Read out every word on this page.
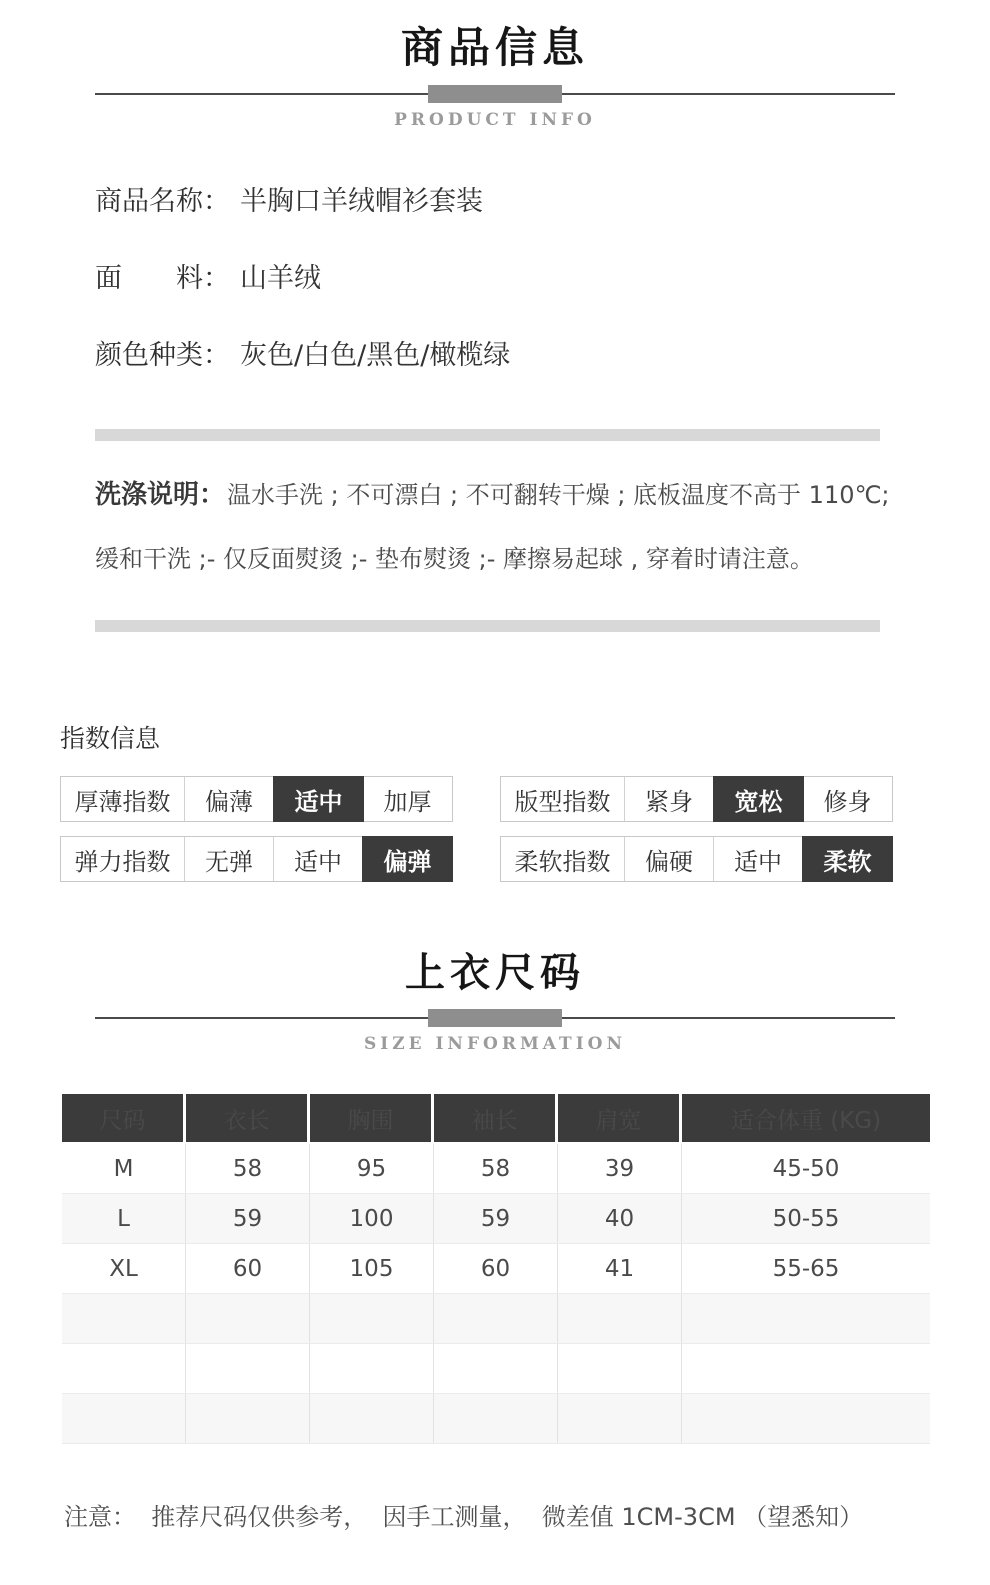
商品信息
PRODUCT INFO
商品名称： 半胸口羊绒帽衫套装
面　　料： 山羊绒
颜色种类： 灰色/白色/黑色/橄榄绿
洗涤说明：温水手洗 ; 不可漂白 ; 不可翻转干燥 ; 底板温度不高于 110℃;
缓和干洗 ;- 仅反面熨烫 ;- 垫布熨烫 ;- 摩擦易起球 , 穿着时请注意。
指数信息
厚薄指数	偏薄	适中	加厚	版型指数	紧身	宽松	修身
弹力指数	无弹	适中	偏弹	柔软指数	偏硬	适中	柔软
上衣尺码
SIZE INFORMATION
尺码	衣长	胸围	袖长	肩宽	适合体重 (KG)
M	58	95	58	39	45-50
L	59	100	59	40	50-55
XL	60	105	60	41	55-65
注意：  推荐尺码仅供参考，  因手工测量，  微差值 1CM-3CM （望悉知）
